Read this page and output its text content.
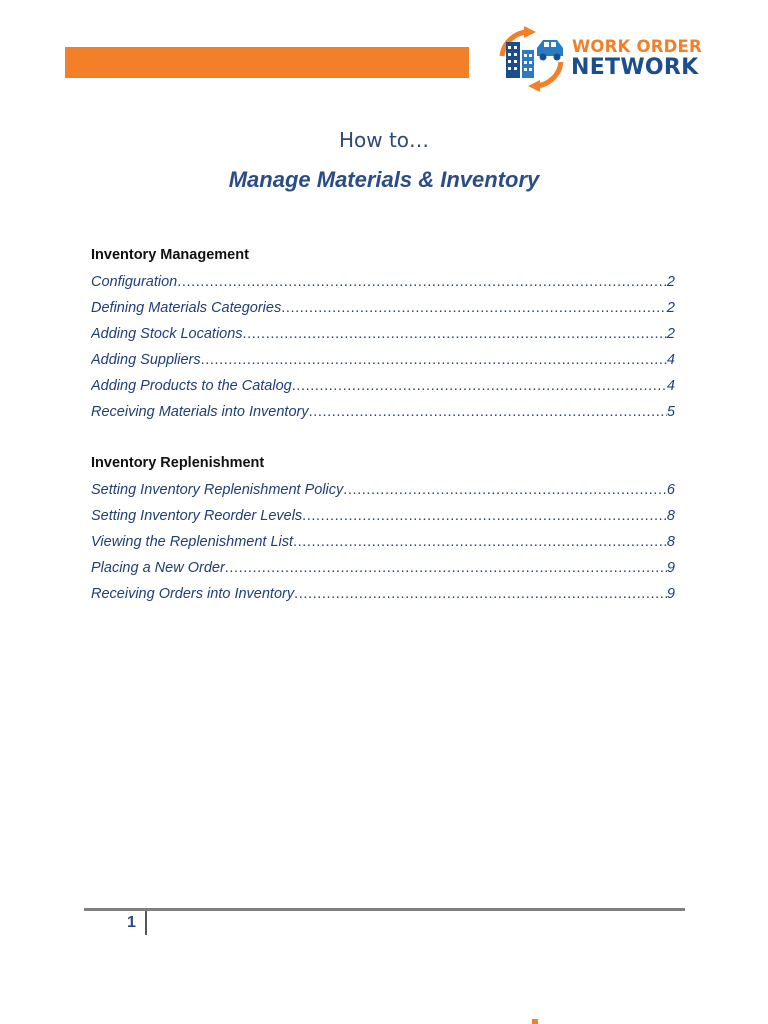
WORK ORDER
NETWORK
How to…
Manage Materials & Inventory
Inventory Management
Configuration .....	2
Defining Materials Categories .....	2
Adding Stock Locations .....	2
Adding Suppliers .....	4
Adding Products to the Catalog .....	4
Receiving Materials into Inventory .....	5
Inventory Replenishment
Setting Inventory Replenishment Policy .....	6
Setting Inventory Reorder Levels .....	8
Viewing the Replenishment List .....	8
Placing a New Order .....	9
Receiving Orders into Inventory .....	9
1
